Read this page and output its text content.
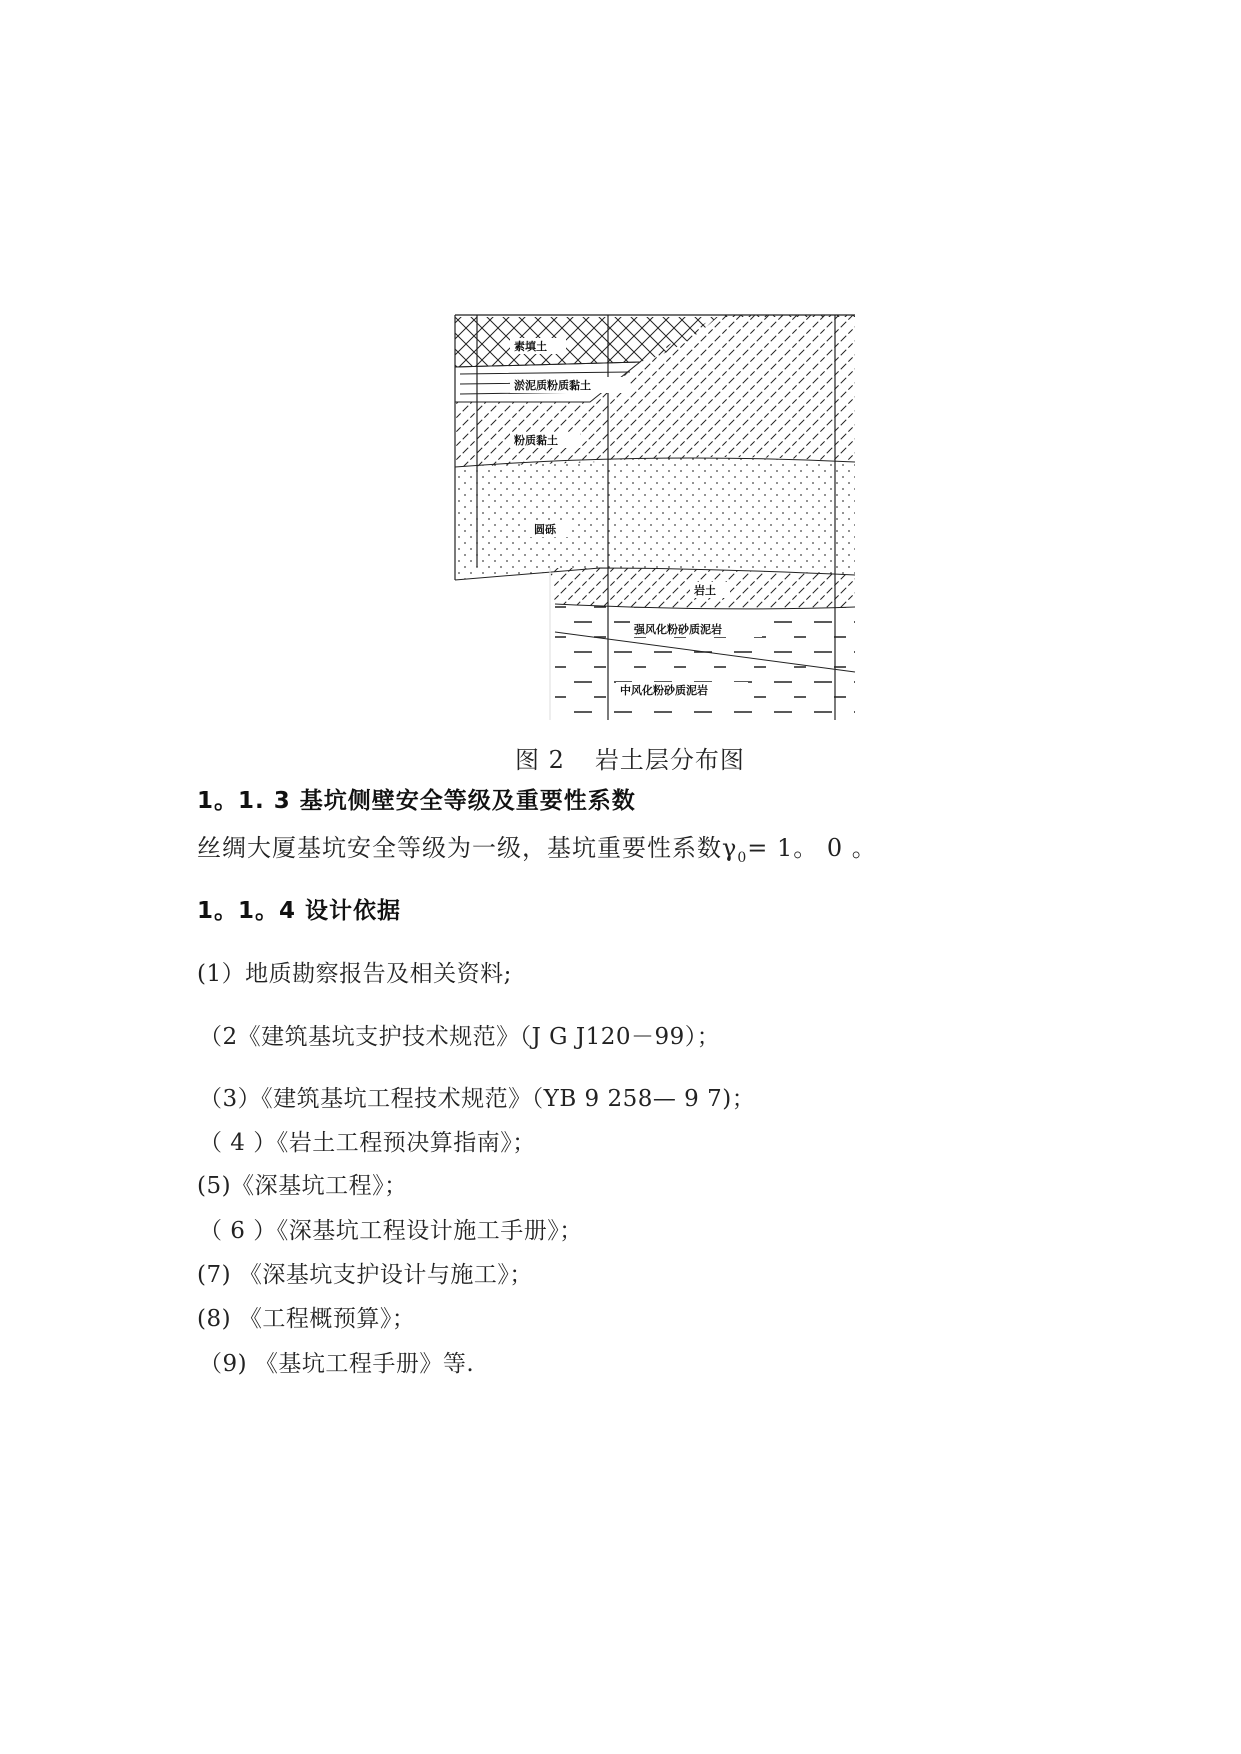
素填土
淤泥质粉质黏土
粉质黏土
圆砾
岩土
强风化粉砂质泥岩
中风化粉砂质泥岩
图 2 岩土层分布图
1。1. 3 基坑侧壁安全等级及重要性系数
丝绸大厦基坑安全等级为一级，基坑重要性系数$\gamma_0= 1$。 0 。
1。1。4 设计依据
(1）地质勘察报告及相关资料;
（2《建筑基坑支护技术规范》（J G J120－99）；
（3）《建筑基坑工程技术规范》（YB 9 258— 9 7)；
（ 4 ）《岩土工程预决算指南》；
(5)《深基坑工程》；
（ 6 ）《深基坑工程设计施工手册》；
(7) 《深基坑支护设计与施工》；
(8) 《工程概预算》；
（9) 《基坑工程手册》等.
